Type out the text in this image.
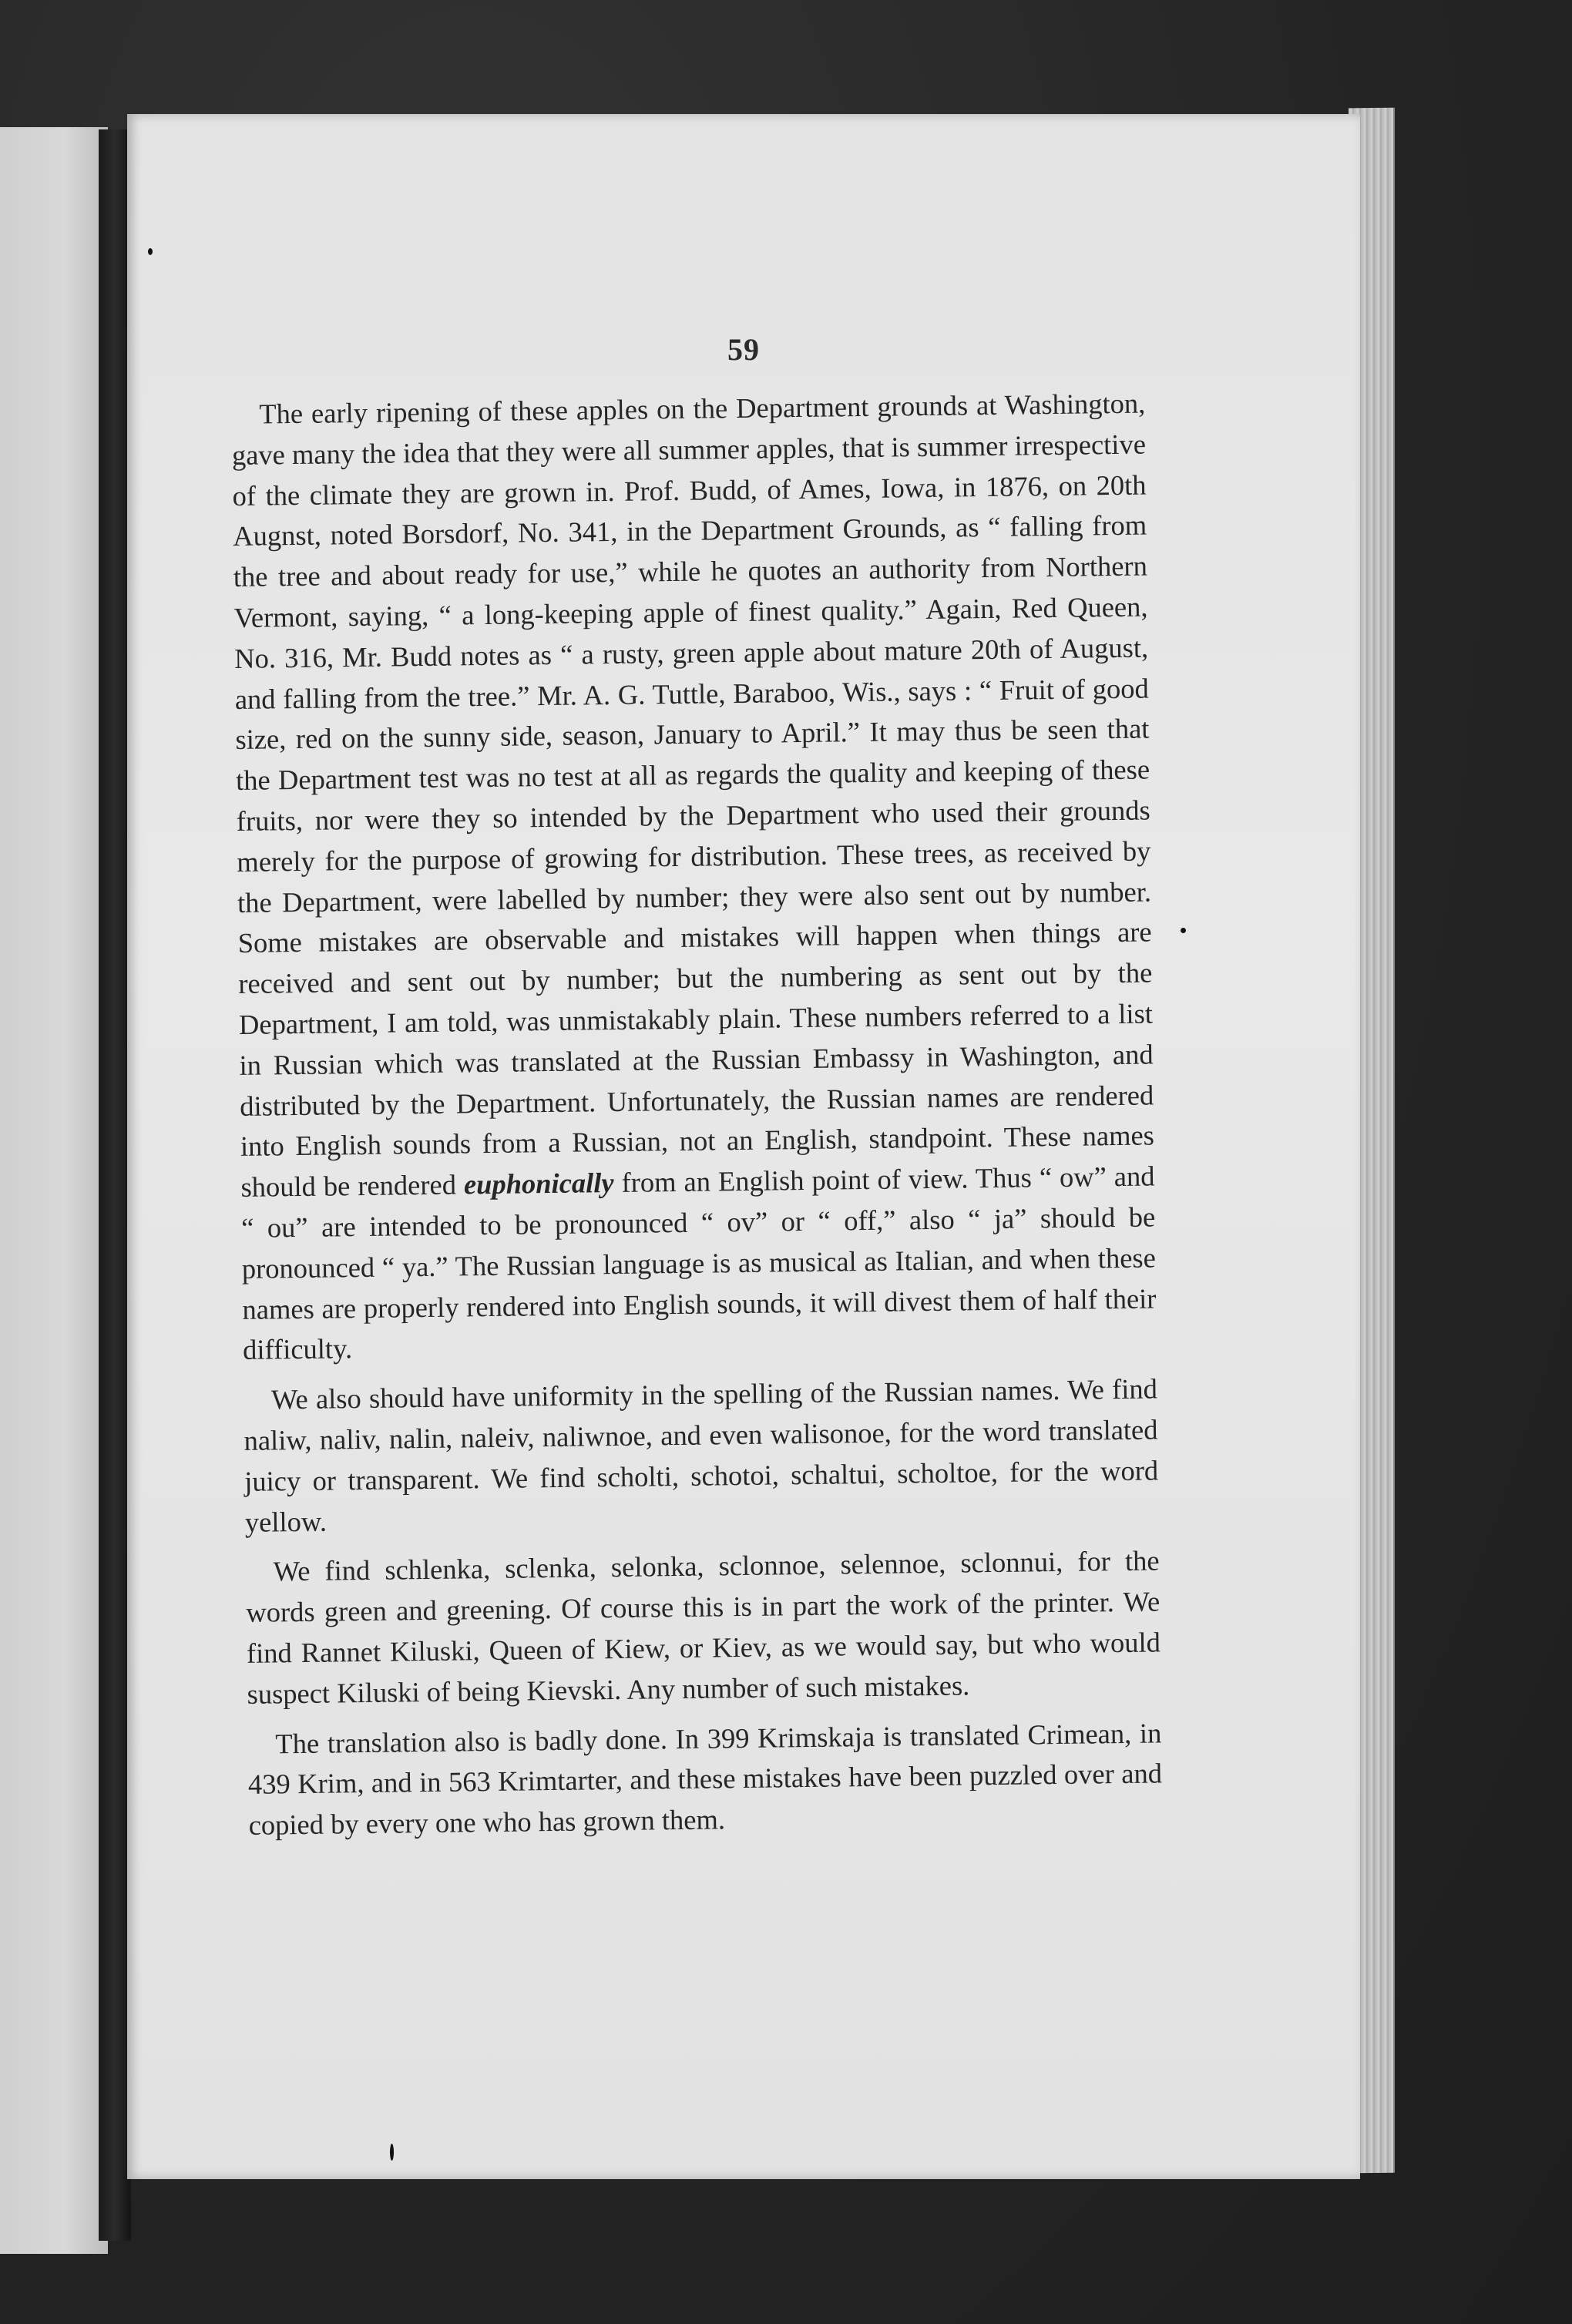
59

The early ripening of these apples on the Department grounds at Washington, gave many the idea that they were all summer apples, that is summer irrespective of the climate they are grown in. Prof. Budd, of Ames, Iowa, in 1876, on 20th Augnst, noted Borsdorf, No. 341, in the Department Grounds, as “ falling from the tree and about ready for use,” while he quotes an authority from Northern Vermont, saying, “ a long-keeping apple of finest quality.” Again, Red Queen, No. 316, Mr. Budd notes as “ a rusty, green apple about mature 20th of August, and falling from the tree.” Mr. A. G. Tuttle, Baraboo, Wis., says : “ Fruit of good size, red on the sunny side, season, January to April.” It may thus be seen that the Department test was no test at all as regards the quality and keeping of these fruits, nor were they so intended by the Department who used their grounds merely for the purpose of growing for distribution. These trees, as received by the Department, were labelled by number; they were also sent out by number. Some mistakes are observable and mistakes will happen when things are received and sent out by number; but the numbering as sent out by the Department, I am told, was unmistakably plain. These numbers referred to a list in Russian which was translated at the Russian Embassy in Washington, and distributed by the Department. Unfortunately, the Russian names are rendered into English sounds from a Russian, not an English, standpoint. These names should be rendered euphonically from an English point of view. Thus “ ow” and “ ou” are intended to be pronounced “ ov” or “ off,” also “ ja” should be pronounced “ ya.” The Russian language is as musical as Italian, and when these names are properly rendered into English sounds, it will divest them of half their difficulty.

We also should have uniformity in the spelling of the Russian names. We find naliw, naliv, nalin, naleiv, naliwnoe, and even walisonoe, for the word translated juicy or transparent. We find scholti, schotoi, schaltui, scholtoe, for the word yellow.

We find schlenka, sclenka, selonka, sclonnoe, selennoe, sclonnui, for the words green and greening. Of course this is in part the work of the printer. We find Rannet Kiluski, Queen of Kiew, or Kiev, as we would say, but who would suspect Kiluski of being Kievski. Any number of such mistakes.

The translation also is badly done. In 399 Krimskaja is translated Crimean, in 439 Krim, and in 563 Krimtarter, and these mistakes have been puzzled over and copied by every one who has grown them.
